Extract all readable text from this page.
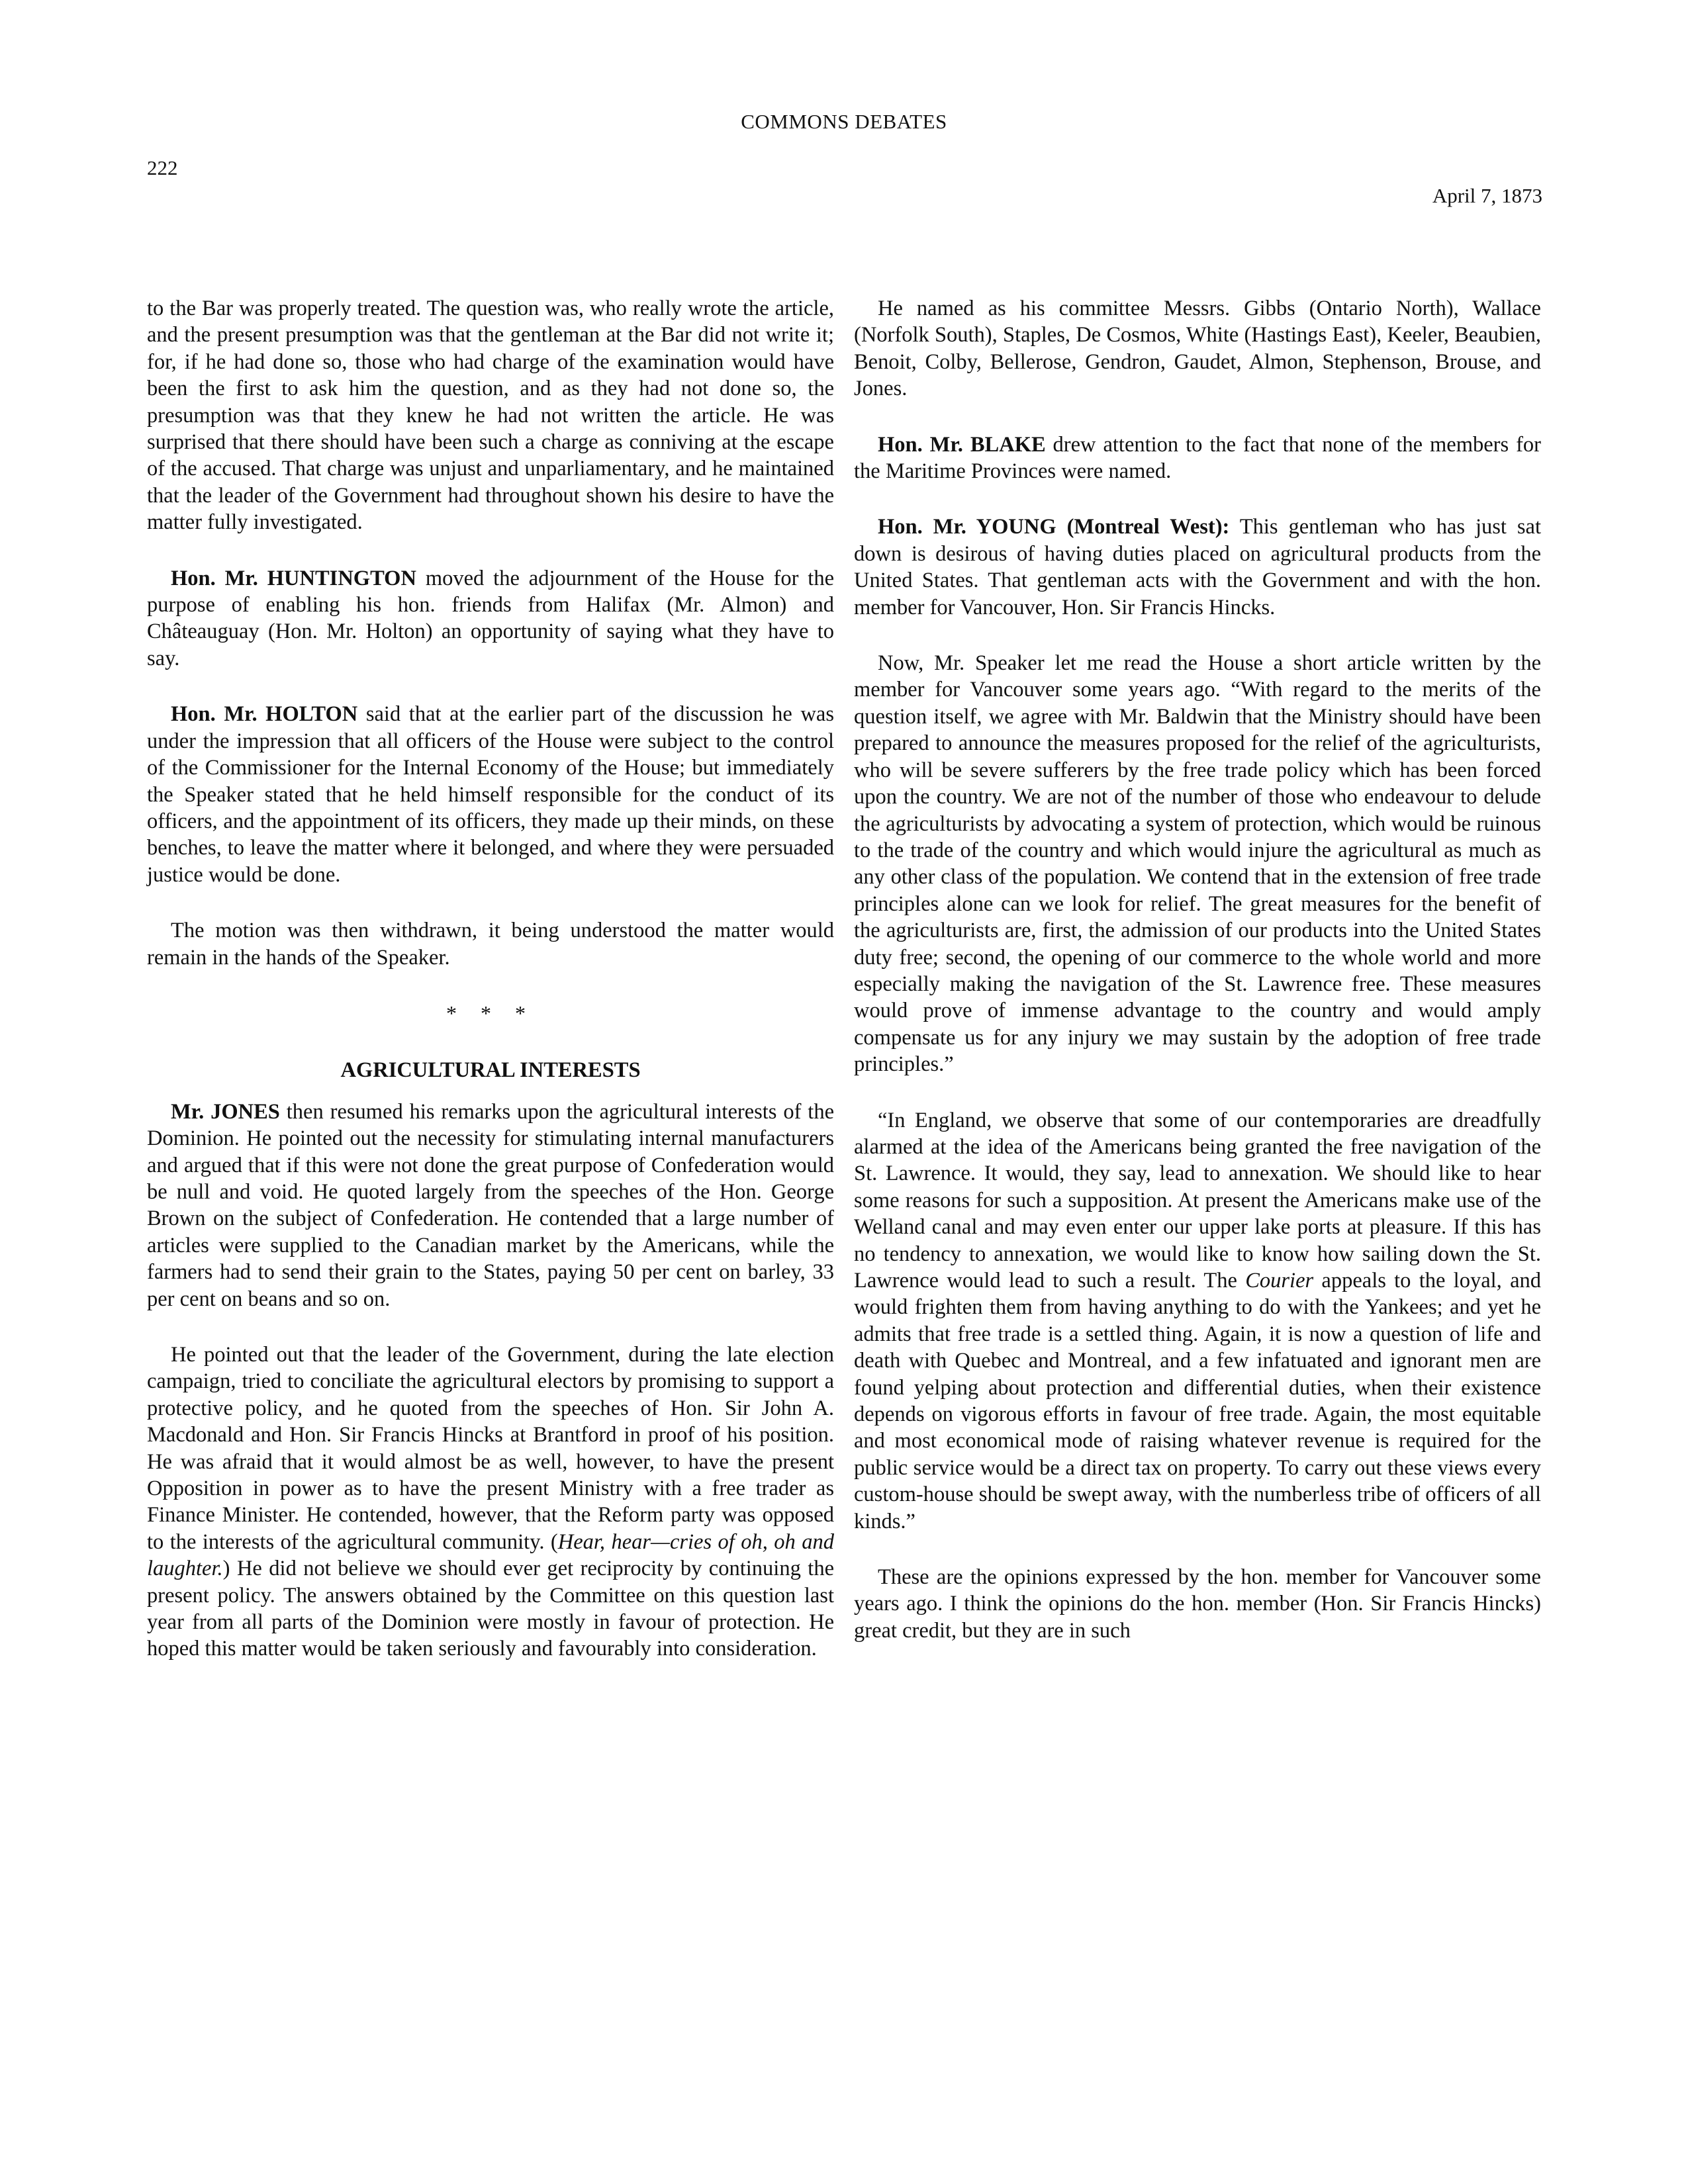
COMMONS DEBATES
222
April 7, 1873

to the Bar was properly treated. The question was, who really wrote the article, and the present presumption was that the gentleman at the Bar did not write it; for, if he had done so, those who had charge of the examination would have been the first to ask him the question, and as they had not done so, the presumption was that they knew he had not written the article. He was surprised that there should have been such a charge as conniving at the escape of the accused. That charge was unjust and unparliamentary, and he maintained that the leader of the Government had throughout shown his desire to have the matter fully investigated.

Hon. Mr. HUNTINGTON moved the adjournment of the House for the purpose of enabling his hon. friends from Halifax (Mr. Almon) and Châteauguay (Hon. Mr. Holton) an opportunity of saying what they have to say.

Hon. Mr. HOLTON said that at the earlier part of the discussion he was under the impression that all officers of the House were subject to the control of the Commissioner for the Internal Economy of the House; but immediately the Speaker stated that he held himself responsible for the conduct of its officers, and the appointment of its officers, they made up their minds, on these benches, to leave the matter where it belonged, and where they were persuaded justice would be done.

The motion was then withdrawn, it being understood the matter would remain in the hands of the Speaker.

* * *
AGRICULTURAL INTERESTS

Mr. JONES then resumed his remarks upon the agricultural interests of the Dominion. He pointed out the necessity for stimulating internal manufacturers and argued that if this were not done the great purpose of Confederation would be null and void. He quoted largely from the speeches of the Hon. George Brown on the subject of Confederation. He contended that a large number of articles were supplied to the Canadian market by the Americans, while the farmers had to send their grain to the States, paying 50 per cent on barley, 33 per cent on beans and so on.

He pointed out that the leader of the Government, during the late election campaign, tried to conciliate the agricultural electors by promising to support a protective policy, and he quoted from the speeches of Hon. Sir John A. Macdonald and Hon. Sir Francis Hincks at Brantford in proof of his position. He was afraid that it would almost be as well, however, to have the present Opposition in power as to have the present Ministry with a free trader as Finance Minister. He contended, however, that the Reform party was opposed to the interests of the agricultural community. (Hear, hear—cries of oh, oh and laughter.) He did not believe we should ever get reciprocity by continuing the present policy. The answers obtained by the Committee on this question last year from all parts of the Dominion were mostly in favour of protection. He hoped this matter would be taken seriously and favourably into consideration.

He named as his committee Messrs. Gibbs (Ontario North), Wallace (Norfolk South), Staples, De Cosmos, White (Hastings East), Keeler, Beaubien, Benoit, Colby, Bellerose, Gendron, Gaudet, Almon, Stephenson, Brouse, and Jones.

Hon. Mr. BLAKE drew attention to the fact that none of the members for the Maritime Provinces were named.

Hon. Mr. YOUNG (Montreal West): This gentleman who has just sat down is desirous of having duties placed on agricultural products from the United States. That gentleman acts with the Government and with the hon. member for Vancouver, Hon. Sir Francis Hincks.

Now, Mr. Speaker let me read the House a short article written by the member for Vancouver some years ago. “With regard to the merits of the question itself, we agree with Mr. Baldwin that the Ministry should have been prepared to announce the measures proposed for the relief of the agriculturists, who will be severe sufferers by the free trade policy which has been forced upon the country. We are not of the number of those who endeavour to delude the agriculturists by advocating a system of protection, which would be ruinous to the trade of the country and which would injure the agricultural as much as any other class of the population. We contend that in the extension of free trade principles alone can we look for relief. The great measures for the benefit of the agriculturists are, first, the admission of our products into the United States duty free; second, the opening of our commerce to the whole world and more especially making the navigation of the St. Lawrence free. These measures would prove of immense advantage to the country and would amply compensate us for any injury we may sustain by the adoption of free trade principles.”

“In England, we observe that some of our contemporaries are dreadfully alarmed at the idea of the Americans being granted the free navigation of the St. Lawrence. It would, they say, lead to annexation. We should like to hear some reasons for such a supposition. At present the Americans make use of the Welland canal and may even enter our upper lake ports at pleasure. If this has no tendency to annexation, we would like to know how sailing down the St. Lawrence would lead to such a result. The Courier appeals to the loyal, and would frighten them from having anything to do with the Yankees; and yet he admits that free trade is a settled thing. Again, it is now a question of life and death with Quebec and Montreal, and a few infatuated and ignorant men are found yelping about protection and differential duties, when their existence depends on vigorous efforts in favour of free trade. Again, the most equitable and most economical mode of raising whatever revenue is required for the public service would be a direct tax on property. To carry out these views every custom-house should be swept away, with the numberless tribe of officers of all kinds.”

These are the opinions expressed by the hon. member for Vancouver some years ago. I think the opinions do the hon. member (Hon. Sir Francis Hincks) great credit, but they are in such
